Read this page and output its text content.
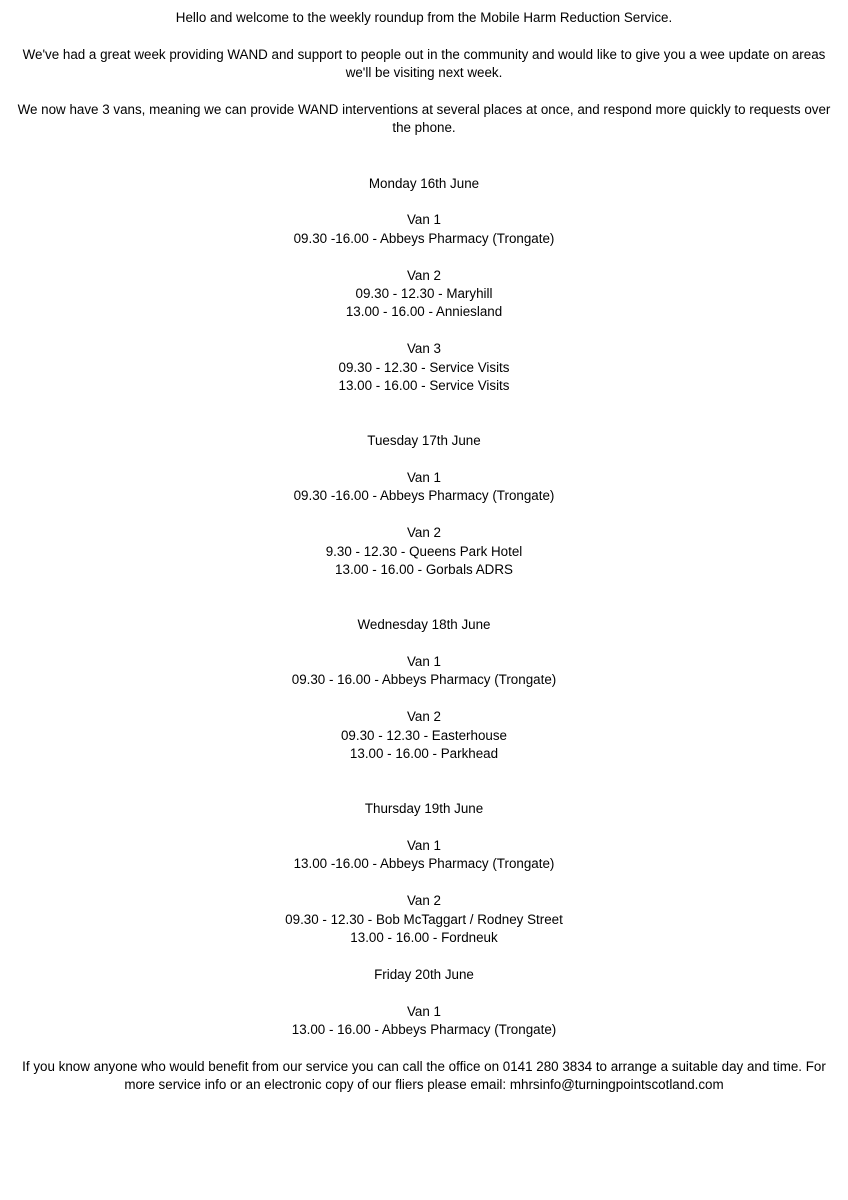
Hello and welcome to the weekly roundup from the Mobile Harm Reduction Service.

We've had a great week providing WAND and support to people out in the community and would like to give you a wee update on areas we'll be visiting next week.

We now have 3 vans, meaning we can provide WAND interventions at several places at once, and respond more quickly to requests over the phone.

Monday 16th June

Van 1

09.30 -16.00 - Abbeys Pharmacy (Trongate)

Van 2

09.30 - 12.30 - Maryhill

13.00 - 16.00 - Anniesland

Van 3

09.30 - 12.30 - Service Visits

13.00 - 16.00 - Service Visits

Tuesday 17th June

Van 1

09.30 -16.00 - Abbeys Pharmacy (Trongate)

Van 2

9.30 - 12.30 - Queens Park Hotel

13.00 - 16.00 - Gorbals ADRS

Wednesday 18th June

Van 1

09.30 - 16.00 - Abbeys Pharmacy (Trongate)

Van 2

09.30 - 12.30 - Easterhouse

13.00 - 16.00 - Parkhead

Thursday 19th June

Van 1

13.00 -16.00 - Abbeys Pharmacy (Trongate)

Van 2

09.30 - 12.30 - Bob McTaggart / Rodney Street

13.00 - 16.00 - Fordneuk

Friday 20th June

Van 1

13.00 - 16.00 - Abbeys Pharmacy (Trongate)

If you know anyone who would benefit from our service you can call the office on 0141 280 3834 to arrange a suitable day and time. For more service info or an electronic copy of our fliers please email: mhrsinfo@turningpointscotland.com
